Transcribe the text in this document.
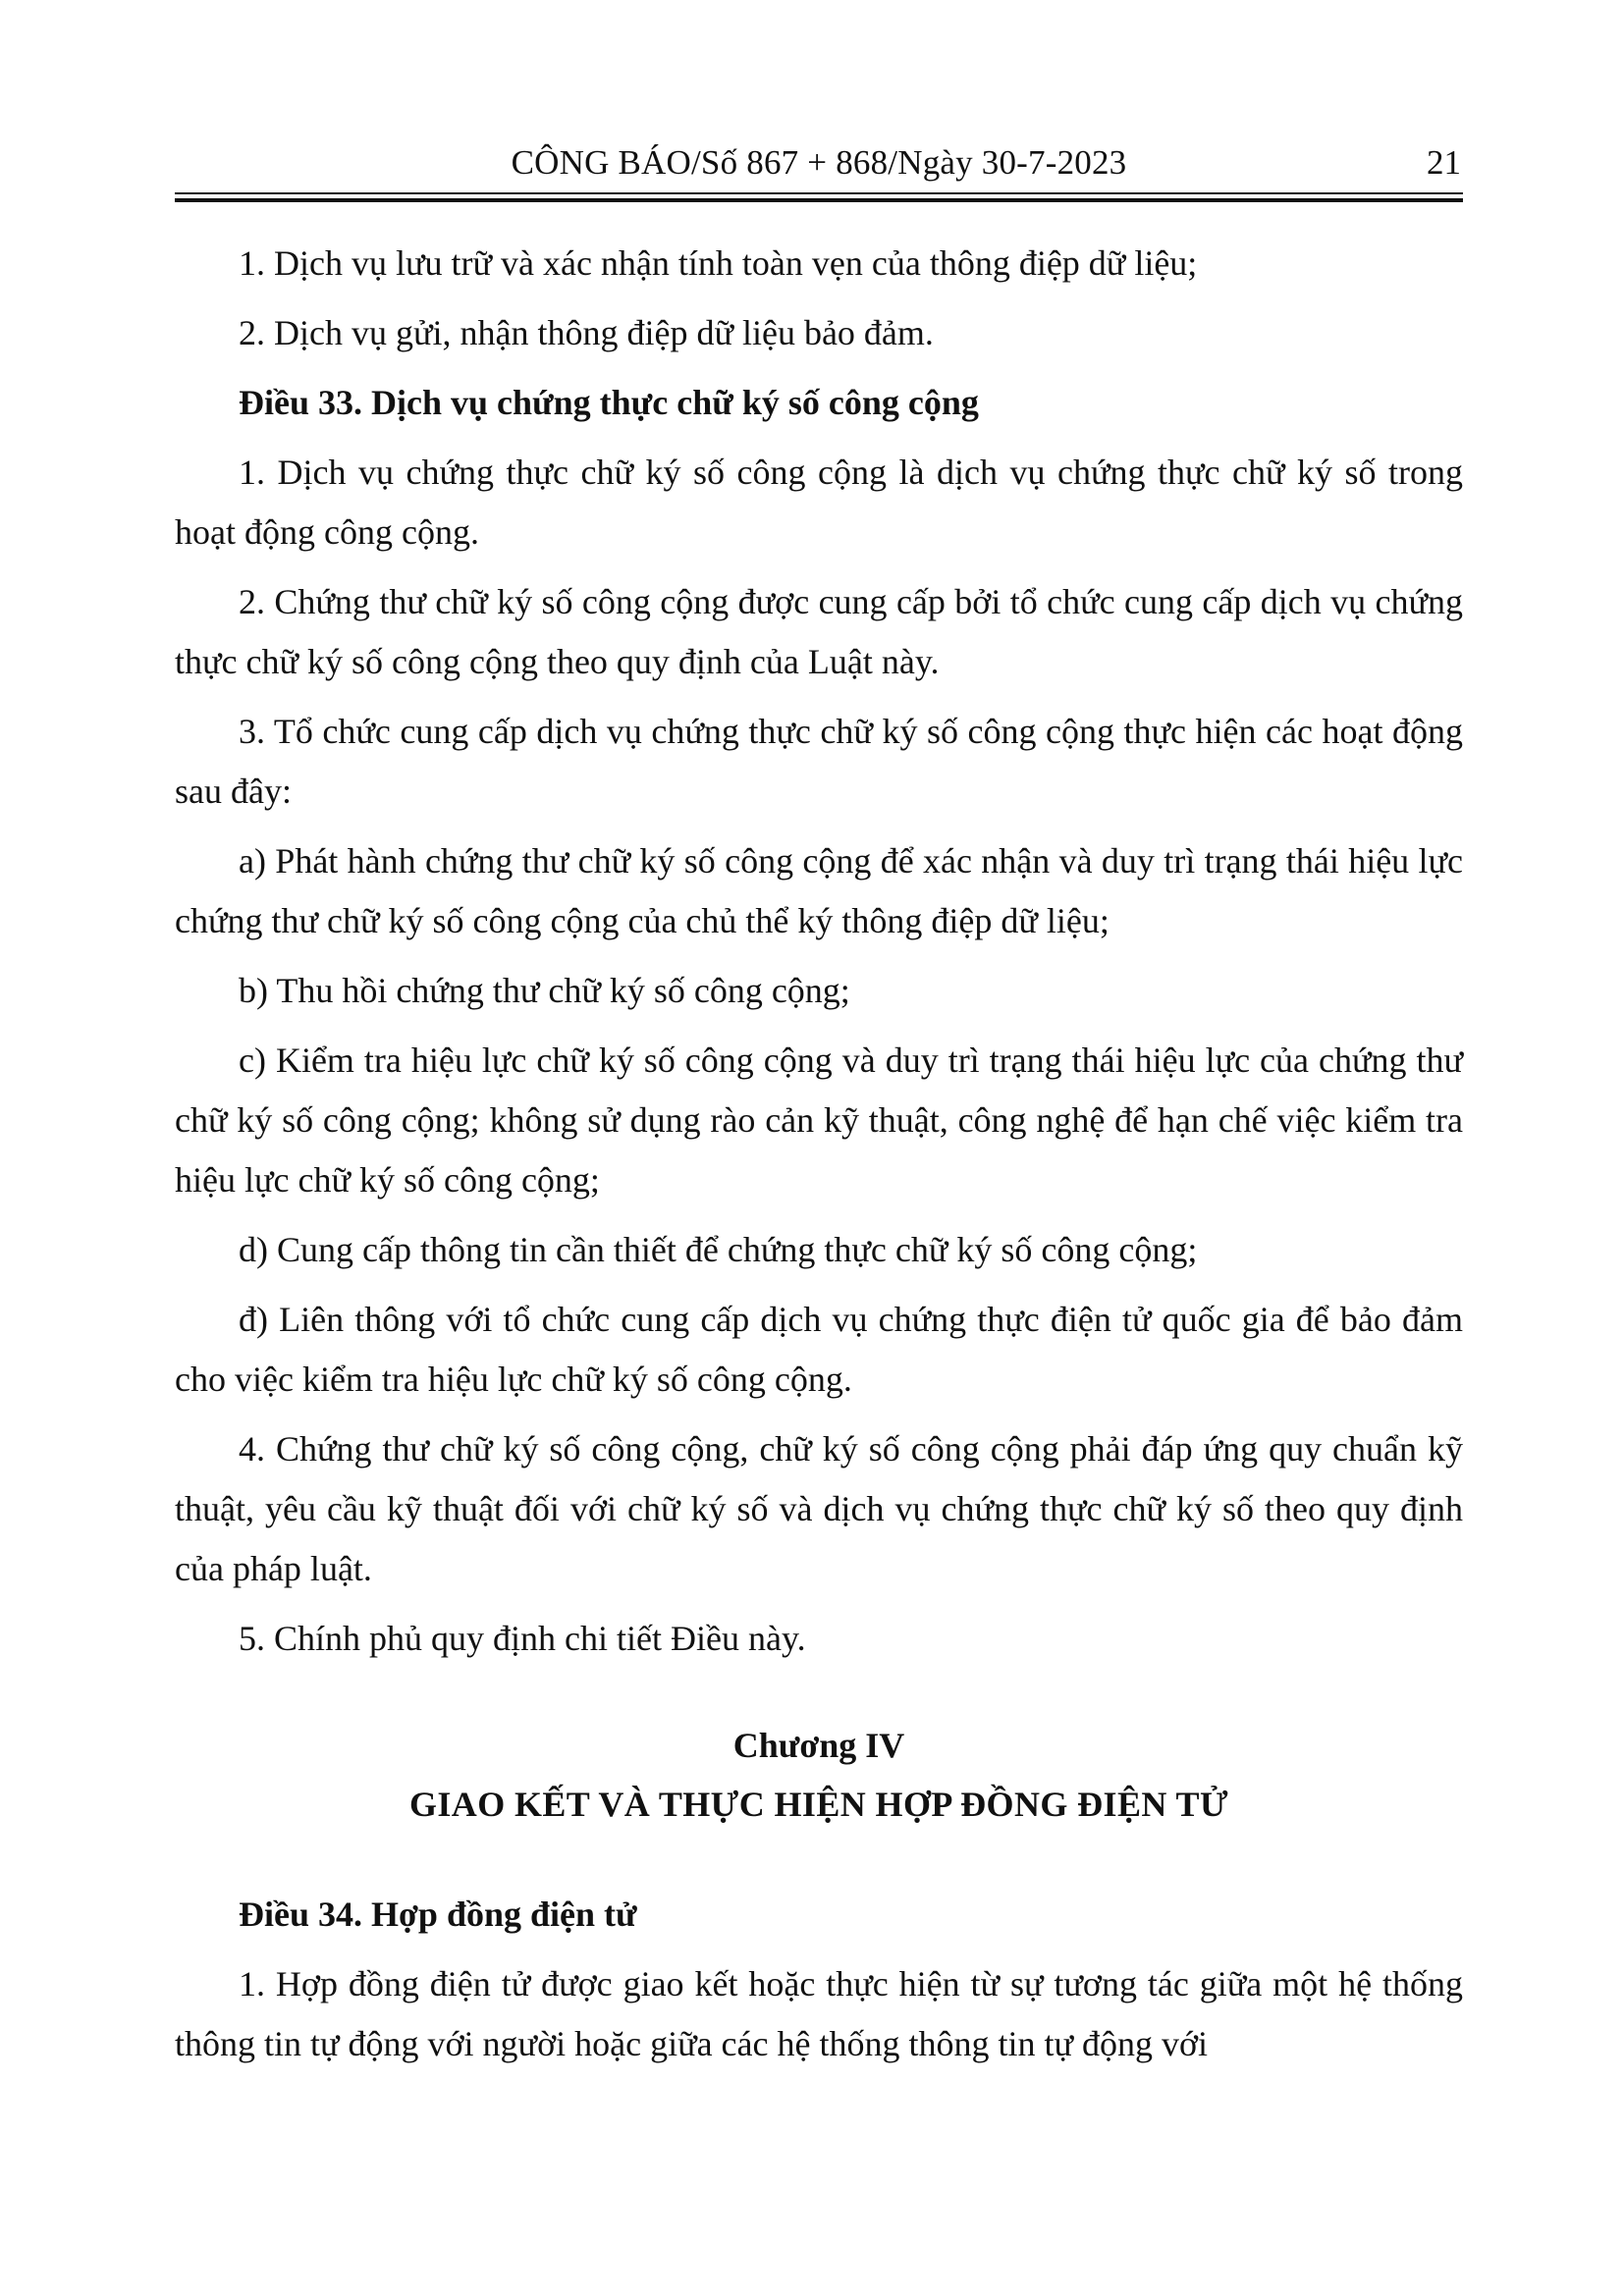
CÔNG BÁO/Số 867 + 868/Ngày 30-7-2023	21

1. Dịch vụ lưu trữ và xác nhận tính toàn vẹn của thông điệp dữ liệu;

2. Dịch vụ gửi, nhận thông điệp dữ liệu bảo đảm.

Điều 33. Dịch vụ chứng thực chữ ký số công cộng

1. Dịch vụ chứng thực chữ ký số công cộng là dịch vụ chứng thực chữ ký số trong hoạt động công cộng.

2. Chứng thư chữ ký số công cộng được cung cấp bởi tổ chức cung cấp dịch vụ chứng thực chữ ký số công cộng theo quy định của Luật này.

3. Tổ chức cung cấp dịch vụ chứng thực chữ ký số công cộng thực hiện các hoạt động sau đây:

a) Phát hành chứng thư chữ ký số công cộng để xác nhận và duy trì trạng thái hiệu lực chứng thư chữ ký số công cộng của chủ thể ký thông điệp dữ liệu;

b) Thu hồi chứng thư chữ ký số công cộng;

c) Kiểm tra hiệu lực chữ ký số công cộng và duy trì trạng thái hiệu lực của chứng thư chữ ký số công cộng; không sử dụng rào cản kỹ thuật, công nghệ để hạn chế việc kiểm tra hiệu lực chữ ký số công cộng;

d) Cung cấp thông tin cần thiết để chứng thực chữ ký số công cộng;

đ) Liên thông với tổ chức cung cấp dịch vụ chứng thực điện tử quốc gia để bảo đảm cho việc kiểm tra hiệu lực chữ ký số công cộng.

4. Chứng thư chữ ký số công cộng, chữ ký số công cộng phải đáp ứng quy chuẩn kỹ thuật, yêu cầu kỹ thuật đối với chữ ký số và dịch vụ chứng thực chữ ký số theo quy định của pháp luật.

5. Chính phủ quy định chi tiết Điều này.

Chương IV
GIAO KẾT VÀ THỰC HIỆN HỢP ĐỒNG ĐIỆN TỬ
Điều 34. Hợp đồng điện tử

1. Hợp đồng điện tử được giao kết hoặc thực hiện từ sự tương tác giữa một hệ thống thông tin tự động với người hoặc giữa các hệ thống thông tin tự động với
